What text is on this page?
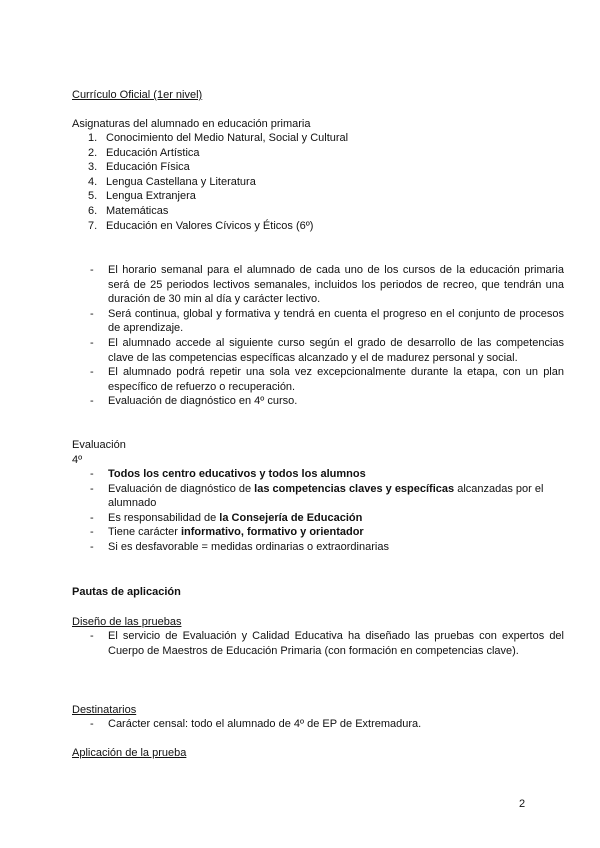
Currículo Oficial (1er nivel)
Asignaturas del alumnado en educación primaria
1. Conocimiento del Medio Natural, Social y Cultural
2. Educación Artística
3. Educación Física
4. Lengua Castellana y Literatura
5. Lengua Extranjera
6. Matemáticas
7. Educación en Valores Cívicos y Éticos (6º)
- El horario semanal para el alumnado de cada uno de los cursos de la educación primaria será de 25 periodos lectivos semanales, incluidos los periodos de recreo, que tendrán una duración de 30 min al día y carácter lectivo.
- Será continua, global y formativa y tendrá en cuenta el progreso en el conjunto de procesos de aprendizaje.
- El alumnado accede al siguiente curso según el grado de desarrollo de las competencias clave de las competencias específicas alcanzado y el de madurez personal y social.
- El alumnado podrá repetir una sola vez excepcionalmente durante la etapa, con un plan específico de refuerzo o recuperación.
- Evaluación de diagnóstico en 4º curso.
Evaluación
4º
- Todos los centro educativos y todos los alumnos
- Evaluación de diagnóstico de las competencias claves y específicas alcanzadas por el alumnado
- Es responsabilidad de la Consejería de Educación
- Tiene carácter informativo, formativo y orientador
- Si es desfavorable = medidas ordinarias o extraordinarias
Pautas de aplicación
Diseño de las pruebas
- El servicio de Evaluación y Calidad Educativa ha diseñado las pruebas con expertos del Cuerpo de Maestros de Educación Primaria (con formación en competencias clave).
Destinatarios
- Carácter censal: todo el alumnado de 4º de EP de Extremadura.
Aplicación de la prueba
2
